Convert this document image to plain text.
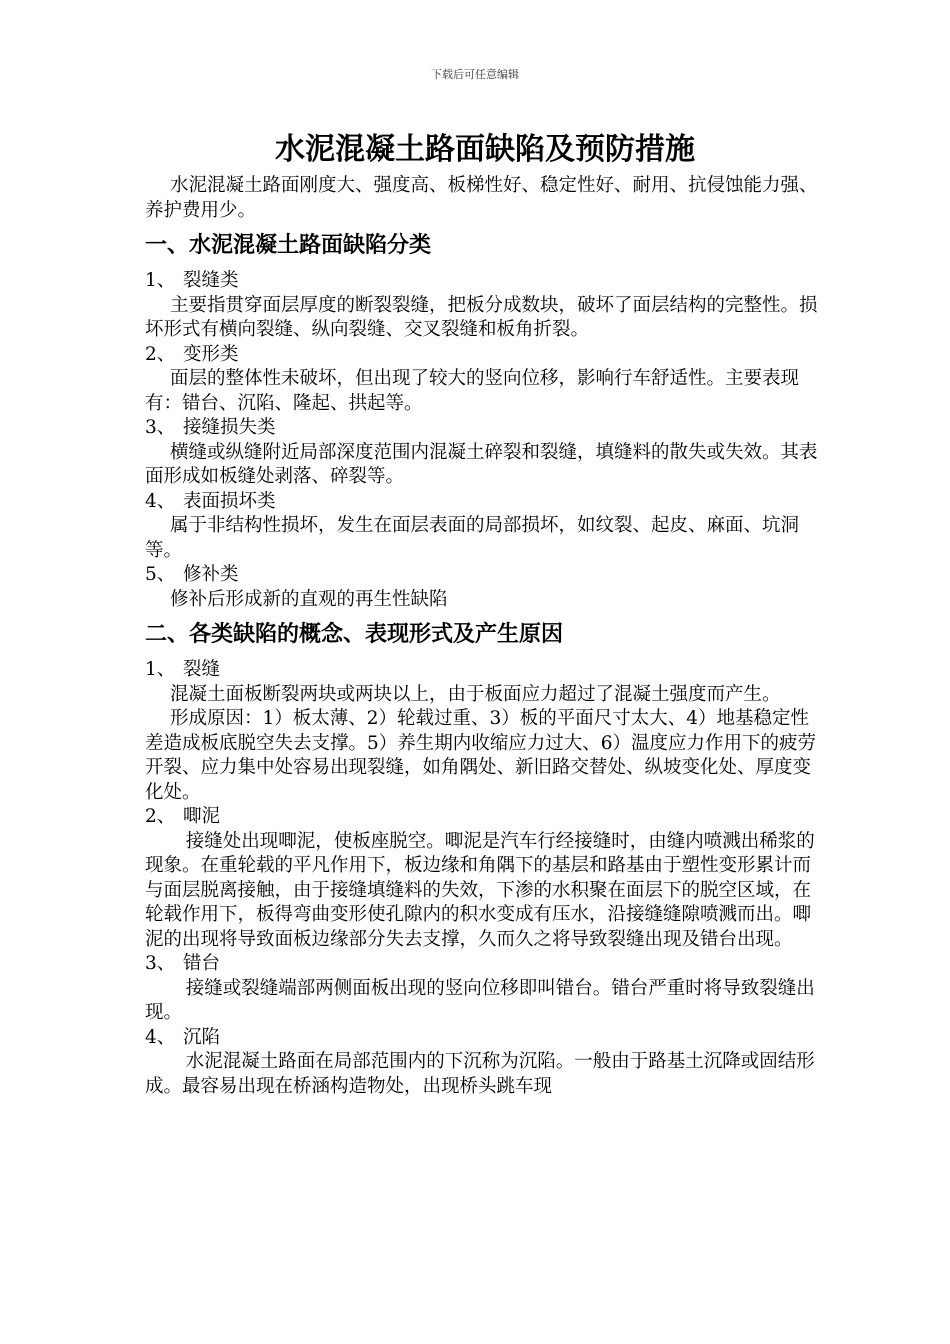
下载后可任意编辑
水泥混凝土路面缺陷及预防措施

水泥混凝土路面刚度大、强度高、板梯性好、稳定性好、耐用、抗侵蚀能力强、养护费用少。

一、水泥混凝土路面缺陷分类

1、 裂缝类

主要指贯穿面层厚度的断裂裂缝，把板分成数块，破坏了面层结构的完整性。损坏形式有横向裂缝、纵向裂缝、交叉裂缝和板角折裂。

2、 变形类

面层的整体性未破坏，但出现了较大的竖向位移，影响行车舒适性。主要表现有：错台、沉陷、隆起、拱起等。

3、 接缝损失类

横缝或纵缝附近局部深度范围内混凝土碎裂和裂缝，填缝料的散失或失效。其表面形成如板缝处剥落、碎裂等。

4、 表面损坏类

属于非结构性损坏，发生在面层表面的局部损坏，如纹裂、起皮、麻面、坑洞等。

5、 修补类

修补后形成新的直观的再生性缺陷

二、各类缺陷的概念、表现形式及产生原因

1、 裂缝

混凝土面板断裂两块或两块以上，由于板面应力超过了混凝土强度而产生。

形成原因：1）板太薄、2）轮载过重、3）板的平面尺寸太大、4）地基稳定性差造成板底脱空失去支撑。5）养生期内收缩应力过大、6）温度应力作用下的疲劳开裂、应力集中处容易出现裂缝，如角隅处、新旧路交替处、纵坡变化处、厚度变化处。

2、 唧泥

接缝处出现唧泥，使板座脱空。唧泥是汽车行经接缝时，由缝内喷溅出稀浆的现象。在重轮载的平凡作用下，板边缘和角隅下的基层和路基由于塑性变形累计而与面层脱离接触，由于接缝填缝料的失效，下渗的水积聚在面层下的脱空区域，在轮载作用下，板得弯曲变形使孔隙内的积水变成有压水，沿接缝缝隙喷溅而出。唧泥的出现将导致面板边缘部分失去支撑，久而久之将导致裂缝出现及错台出现。

3、 错台

接缝或裂缝端部两侧面板出现的竖向位移即叫错台。错台严重时将导致裂缝出现。

4、 沉陷

水泥混凝土路面在局部范围内的下沉称为沉陷。一般由于路基土沉降或固结形成。最容易出现在桥涵构造物处，出现桥头跳车现
